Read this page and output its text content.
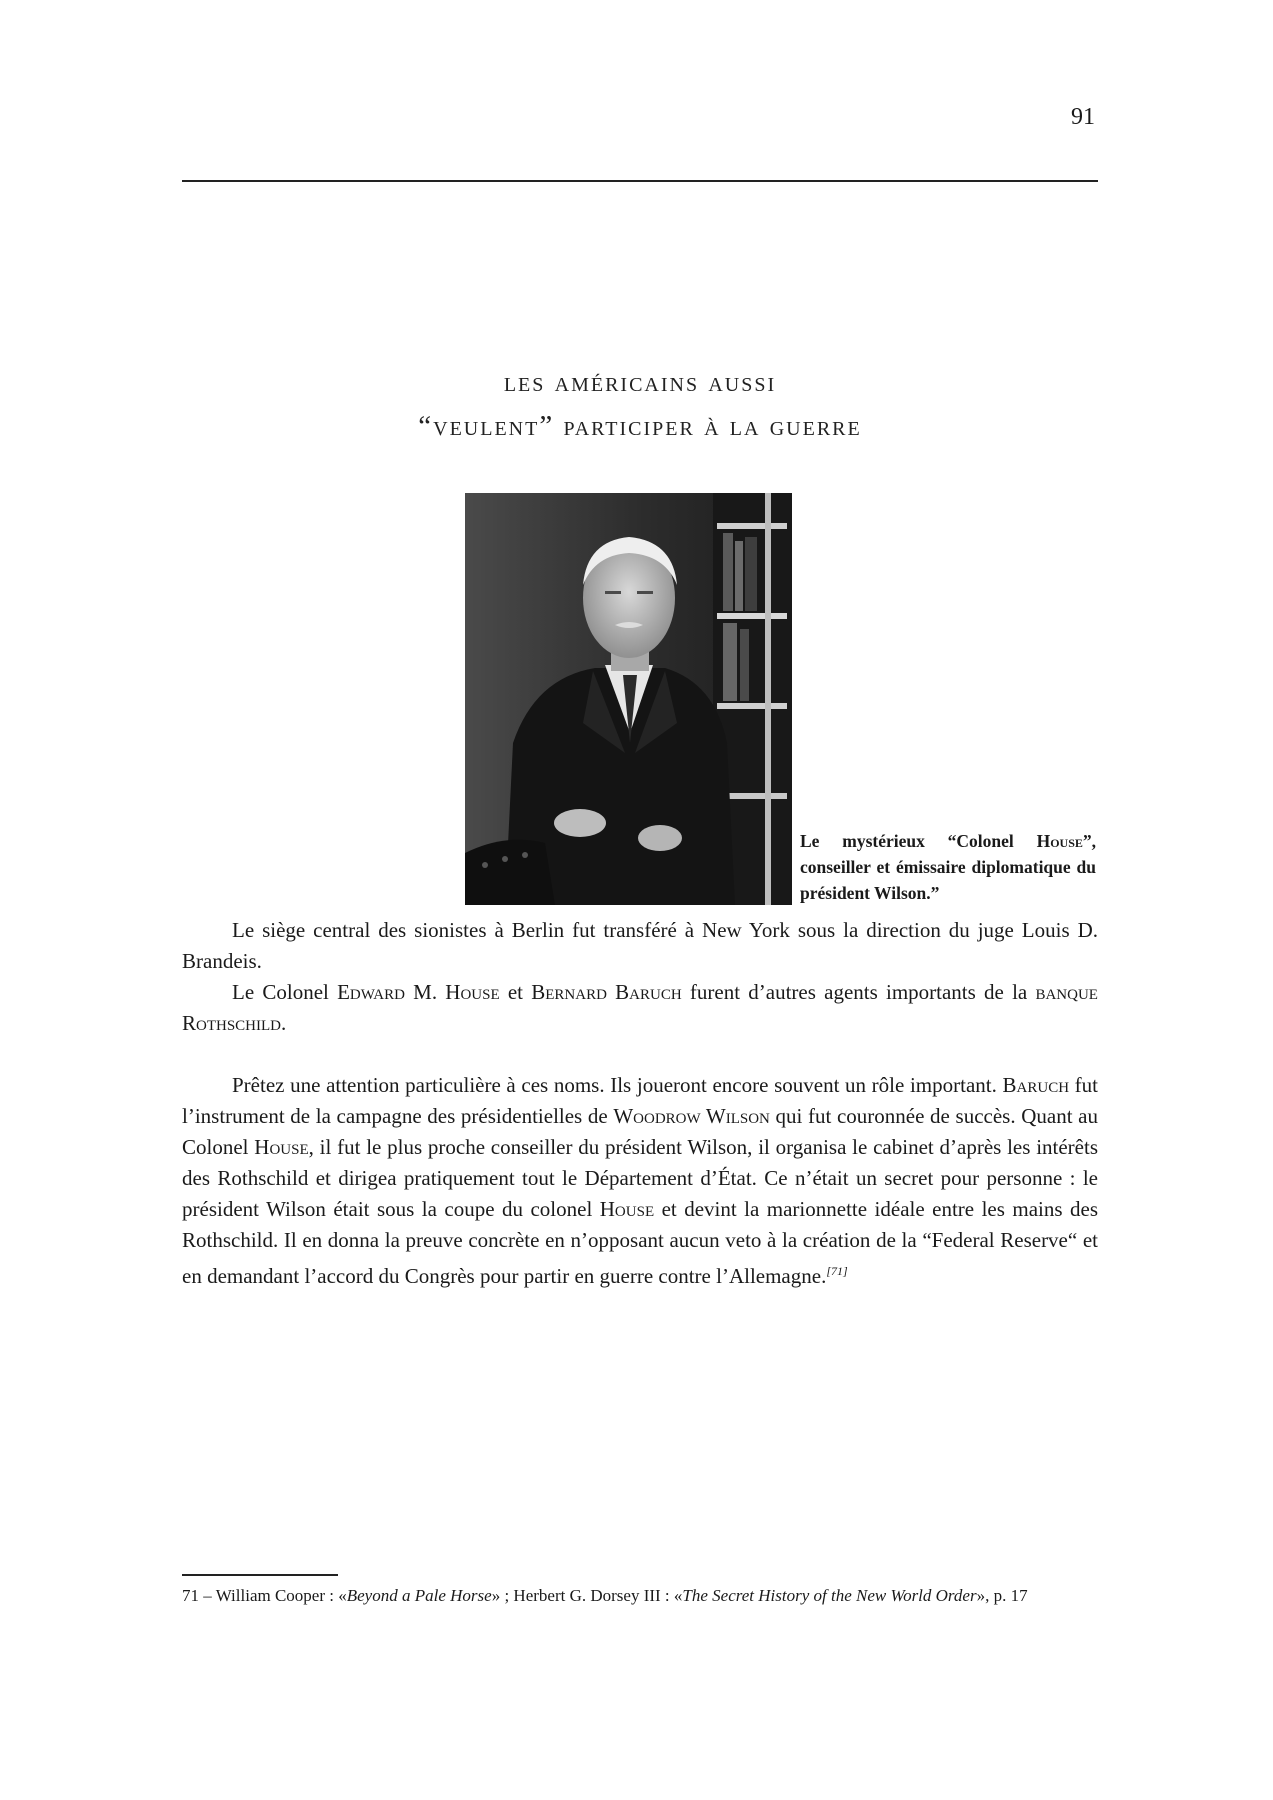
91
les américains aussi
“veulent” participer à la guerre
Le mystérieux “Colonel House”, conseiller et émissaire diplomatique du président Wilson.”

Le siège central des sionistes à Berlin fut transféré à New York sous la direction du juge Louis D. Brandeis.

Le Colonel Edward M. House et Bernard Baruch furent d’autres agents importants de la banque Rothschild.

Prêtez une attention particulière à ces noms. Ils joueront encore souvent un rôle important. Baruch fut l’instrument de la campagne des présidentielles de Woodrow Wilson qui fut couronnée de succès. Quant au Colonel House, il fut le plus proche conseiller du président Wilson, il organisa le cabinet d’après les intérêts des Rothschild et dirigea pratiquement tout le Département d’État. Ce n’était un secret pour personne : le président Wilson était sous la coupe du colonel House et devint la marionnette idéale entre les mains des Rothschild. Il en donna la preuve concrète en n’opposant aucun veto à la création de la “Federal Reserve“ et en demandant l’accord du Congrès pour partir en guerre contre l’Allemagne.[71]

71 – William Cooper : «Beyond a Pale Horse» ; Herbert G. Dorsey III : «The Secret History of the New World Order», p. 17
